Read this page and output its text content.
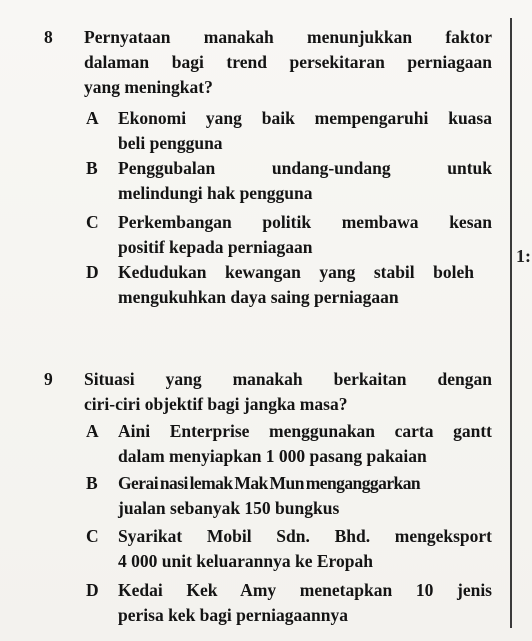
1:
8 Pernyataan manakah menunjukkan faktor
dalaman bagi trend persekitaran perniagaan
yang meningkat?
A Ekonomi yang baik mempengaruhi kuasa
beli pengguna
B Penggubalan undang-undang untuk
melindungi hak pengguna
C Perkembangan politik membawa kesan
positif kepada perniagaan
D Kedudukan kewangan yang stabil boleh
mengukuhkan daya saing perniagaan
9 Situasi yang manakah berkaitan dengan
ciri-ciri objektif bagi jangka masa?
A Aini Enterprise menggunakan carta gantt
dalam menyiapkan 1 000 pasang pakaian
B Gerai nasi lemak Mak Mun menganggarkan
jualan sebanyak 150 bungkus
C Syarikat Mobil Sdn. Bhd. mengeksport
4 000 unit keluarannya ke Eropah
D Kedai Kek Amy menetapkan 10 jenis
perisa kek bagi perniagaannya
